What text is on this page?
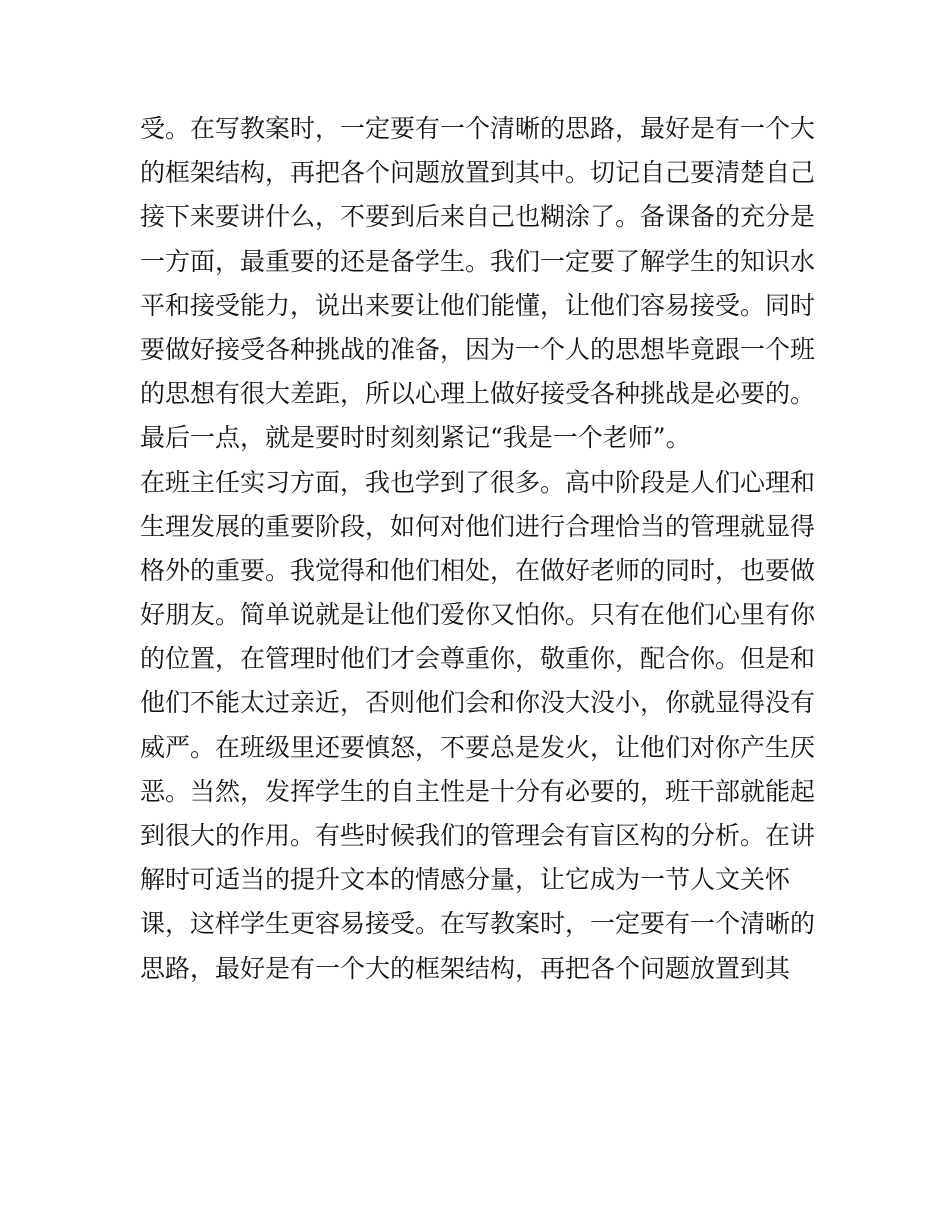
受。在写教案时，一定要有一个清晰的思路，最好是有一个大
的框架结构，再把各个问题放置到其中。切记自己要清楚自己
接下来要讲什么，不要到后来自己也糊涂了。备课备的充分是
一方面，最重要的还是备学生。我们一定要了解学生的知识水
平和接受能力，说出来要让他们能懂，让他们容易接受。同时
要做好接受各种挑战的准备，因为一个人的思想毕竟跟一个班
的思想有很大差距，所以心理上做好接受各种挑战是必要的。
最后一点，就是要时时刻刻紧记“我是一个老师”。
在班主任实习方面，我也学到了很多。高中阶段是人们心理和
生理发展的重要阶段，如何对他们进行合理恰当的管理就显得
格外的重要。我觉得和他们相处，在做好老师的同时，也要做
好朋友。简单说就是让他们爱你又怕你。只有在他们心里有你
的位置，在管理时他们才会尊重你，敬重你，配合你。但是和
他们不能太过亲近，否则他们会和你没大没小，你就显得没有
威严。在班级里还要慎怒，不要总是发火，让他们对你产生厌
恶。当然，发挥学生的自主性是十分有必要的，班干部就能起
到很大的作用。有些时候我们的管理会有盲区构的分析。在讲
解时可适当的提升文本的情感分量，让它成为一节人文关怀
课，这样学生更容易接受。在写教案时，一定要有一个清晰的
思路，最好是有一个大的框架结构，再把各个问题放置到其
